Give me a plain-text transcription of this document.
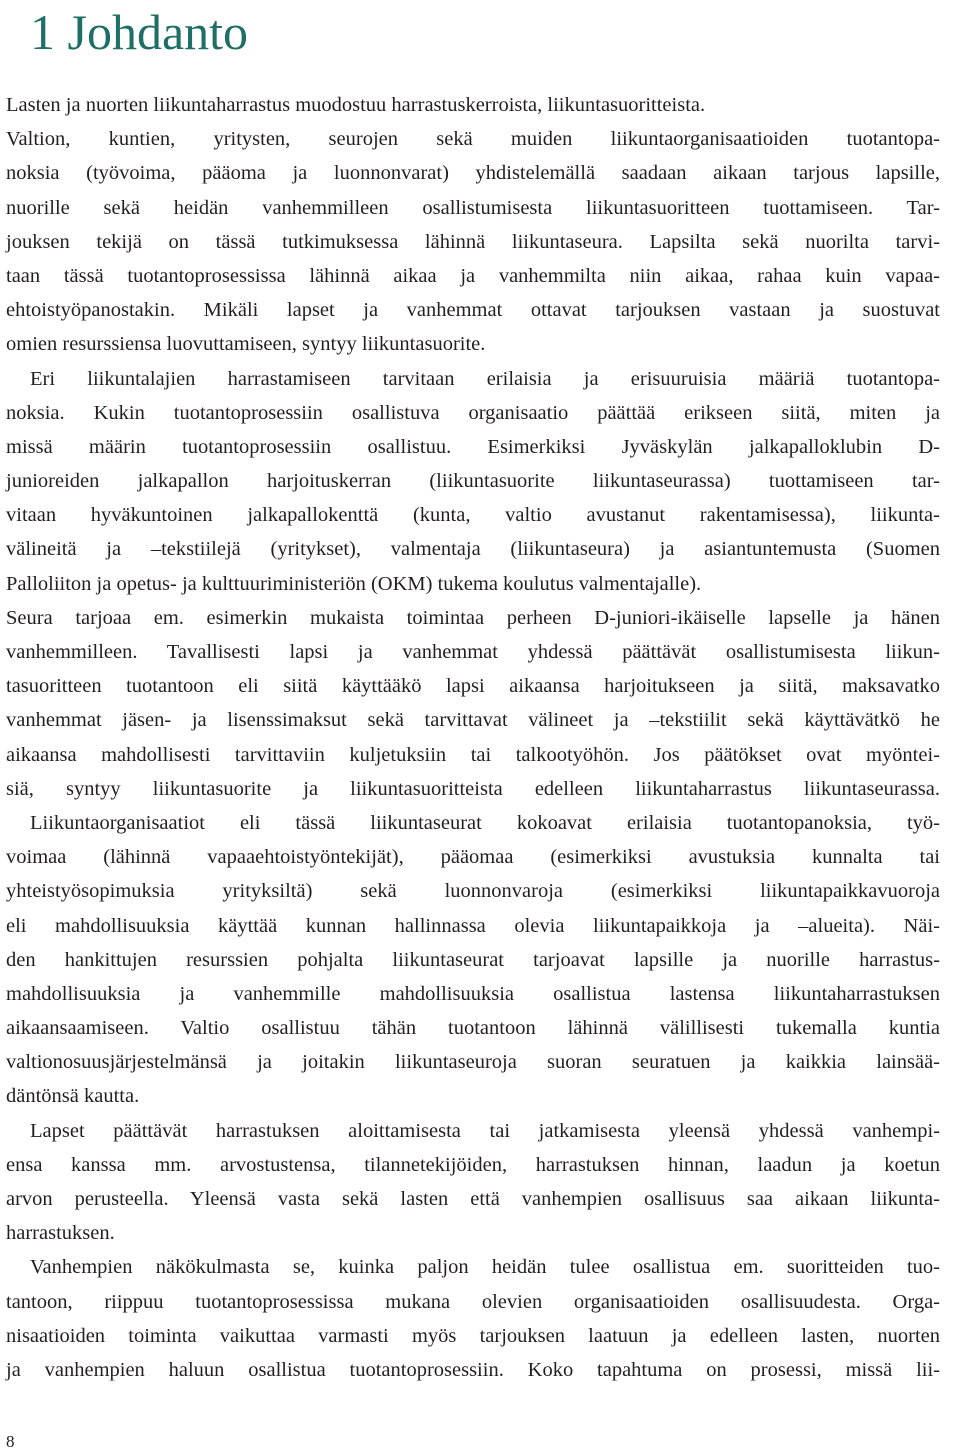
1 Johdanto
Lasten ja nuorten liikuntaharrastus muodostuu harrastuskerroista, liikuntasuoritteista.
Valtion, kuntien, yritysten, seurojen sekä muiden liikuntaorganisaatioiden tuotantopa-
noksia (työvoima, pääoma ja luonnonvarat) yhdistelemällä saadaan aikaan tarjous lapsille,
nuorille sekä heidän vanhemmilleen osallistumisesta liikuntasuoritteen tuottamiseen. Tar-
jouksen tekijä on tässä tutkimuksessa lähinnä liikuntaseura. Lapsilta sekä nuorilta tarvi-
taan tässä tuotantoprosessissa lähinnä aikaa ja vanhemmilta niin aikaa, rahaa kuin vapaa-
ehtoistyöpanostakin. Mikäli lapset ja vanhemmat ottavat tarjouksen vastaan ja suostuvat
omien resurssiensa luovuttamiseen, syntyy liikuntasuorite.
Eri liikuntalajien harrastamiseen tarvitaan erilaisia ja erisuuruisia määriä tuotantopa-
noksia. Kukin tuotantoprosessiin osallistuva organisaatio päättää erikseen siitä, miten ja
missä määrin tuotantoprosessiin osallistuu. Esimerkiksi Jyväskylän jalkapalloklubin D-
junioreiden jalkapallon harjoituskerran (liikuntasuorite liikuntaseurassa) tuottamiseen tar-
vitaan hyväkuntoinen jalkapallokenttä (kunta, valtio avustanut rakentamisessa), liikunta-
välineitä ja –tekstiilejä (yritykset), valmentaja (liikuntaseura) ja asiantuntemusta (Suomen
Palloliiton ja opetus- ja kulttuuriministeriön (OKM) tukema koulutus valmentajalle).
Seura tarjoaa em. esimerkin mukaista toimintaa perheen D-juniori-ikäiselle lapselle ja hänen
vanhemmilleen. Tavallisesti lapsi ja vanhemmat yhdessä päättävät osallistumisesta liikun-
tasuoritteen tuotantoon eli siitä käyttääkö lapsi aikaansa harjoitukseen ja siitä, maksavatko
vanhemmat jäsen- ja lisenssimaksut sekä tarvittavat välineet ja –tekstiilit sekä käyttävätkö he
aikaansa mahdollisesti tarvittaviin kuljetuksiin tai talkootyöhön. Jos päätökset ovat myöntei-
siä, syntyy liikuntasuorite ja liikuntasuoritteista edelleen liikuntaharrastus liikuntaseurassa.
Liikuntaorganisaatiot eli tässä liikuntaseurat kokoavat erilaisia tuotantopanoksia, työ-
voimaa (lähinnä vapaaehtoistyöntekijät), pääomaa (esimerkiksi avustuksia kunnalta tai
yhteistyösopimuksia yrityksiltä) sekä luonnonvaroja (esimerkiksi liikuntapaikkavuoroja
eli mahdollisuuksia käyttää kunnan hallinnassa olevia liikuntapaikkoja ja –alueita). Näi-
den hankittujen resurssien pohjalta liikuntaseurat tarjoavat lapsille ja nuorille harrastus-
mahdollisuuksia ja vanhemmille mahdollisuuksia osallistua lastensa liikuntaharrastuksen
aikaansaamiseen. Valtio osallistuu tähän tuotantoon lähinnä välillisesti tukemalla kuntia
valtionosuusjärjestelmänsä ja joitakin liikuntaseuroja suoran seuratuen ja kaikkia lainsää-
däntönsä kautta.
Lapset päättävät harrastuksen aloittamisesta tai jatkamisesta yleensä yhdessä vanhempi-
ensa kanssa mm. arvostustensa, tilannetekijöiden, harrastuksen hinnan, laadun ja koetun
arvon perusteella. Yleensä vasta sekä lasten että vanhempien osallisuus saa aikaan liikunta-
harrastuksen.
Vanhempien näkökulmasta se, kuinka paljon heidän tulee osallistua em. suoritteiden tuo-
tantoon, riippuu tuotantoprosessissa mukana olevien organisaatioiden osallisuudesta. Orga-
nisaatioiden toiminta vaikuttaa varmasti myös tarjouksen laatuun ja edelleen lasten, nuorten
ja vanhempien haluun osallistua tuotantoprosessiin. Koko tapahtuma on prosessi, missä lii-
8
